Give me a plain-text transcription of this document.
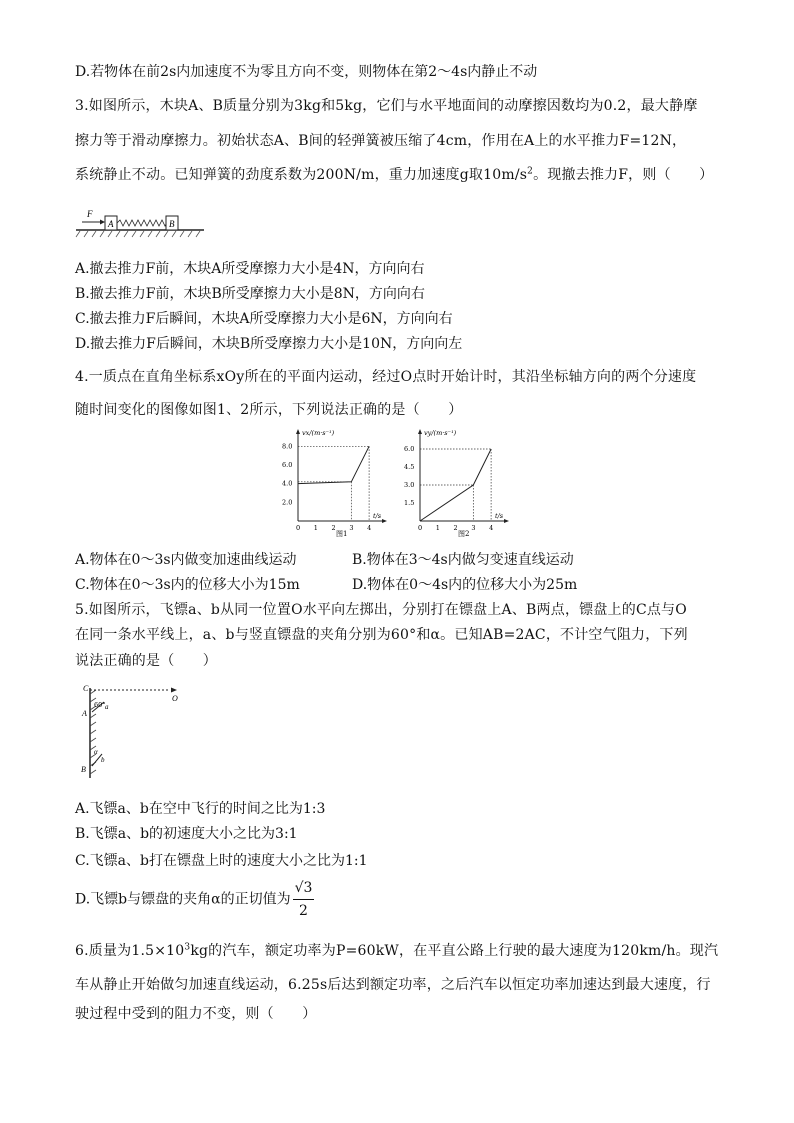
D.若物体在前2s内加速度不为零且方向不变，则物体在第2～4s内静止不动
3.如图所示，木块A、B质量分别为3kg和5kg，它们与水平地面间的动摩擦因数均为0.2，最大静摩
擦力等于滑动摩擦力。初始状态A、B间的轻弹簧被压缩了4cm，作用在A上的水平推力F=12N，
系统静止不动。已知弹簧的劲度系数为200N/m，重力加速度g取$10m/s^2$。现撤去推力F，则（　　）
F
A	B
A.撤去推力F前，木块A所受摩擦力大小是4N，方向向右
B.撤去推力F前，木块B所受摩擦力大小是8N，方向向右
C.撤去推力F后瞬间，木块A所受摩擦力大小是6N，方向向右
D.撤去推力F后瞬间，木块B所受摩擦力大小是10N，方向向左
4.一质点在直角坐标系xOy所在的平面内运动，经过O点时开始计时，其沿坐标轴方向的两个分速度
随时间变化的图像如图1、2所示，下列说法正确的是（　　）
vx/(m·s⁻¹)
t/s
0 1 2 3 4
2.0
4.0
6.0
8.0
图1
vy/(m·s⁻¹)
t/s
0 1 2 3 4
1.5
3.0
4.5
6.0
图2
A.物体在0～3s内做变加速曲线运动	B.物体在3～4s内做匀变速直线运动
C.物体在0～3s内的位移大小为15m	D.物体在0～4s内的位移大小为25m
5.如图所示，飞镖a、b从同一位置O水平向左掷出，分别打在镖盘上A、B两点，镖盘上的C点与O
在同一条水平线上，a、b与竖直镖盘的夹角分别为60°和α。已知AB=2AC，不计空气阻力，下列
说法正确的是（　　）
C
O
A
60° a
α
b
B
A.飞镖a、b在空中飞行的时间之比为1:3
B.飞镖a、b的初速度大小之比为3:1
C.飞镖a、b打在镖盘上时的速度大小之比为1:1
D.飞镖b与镖盘的夹角α的正切值为 $\frac{√3}{2}$
6.质量为$1.5\times 10^3kg$的汽车，额定功率为P=60kW，在平直公路上行驶的最大速度为120km/h。现汽
车从静止开始做匀加速直线运动，6.25s后达到额定功率，之后汽车以恒定功率加速达到最大速度，行
驶过程中受到的阻力不变，则（　　）
